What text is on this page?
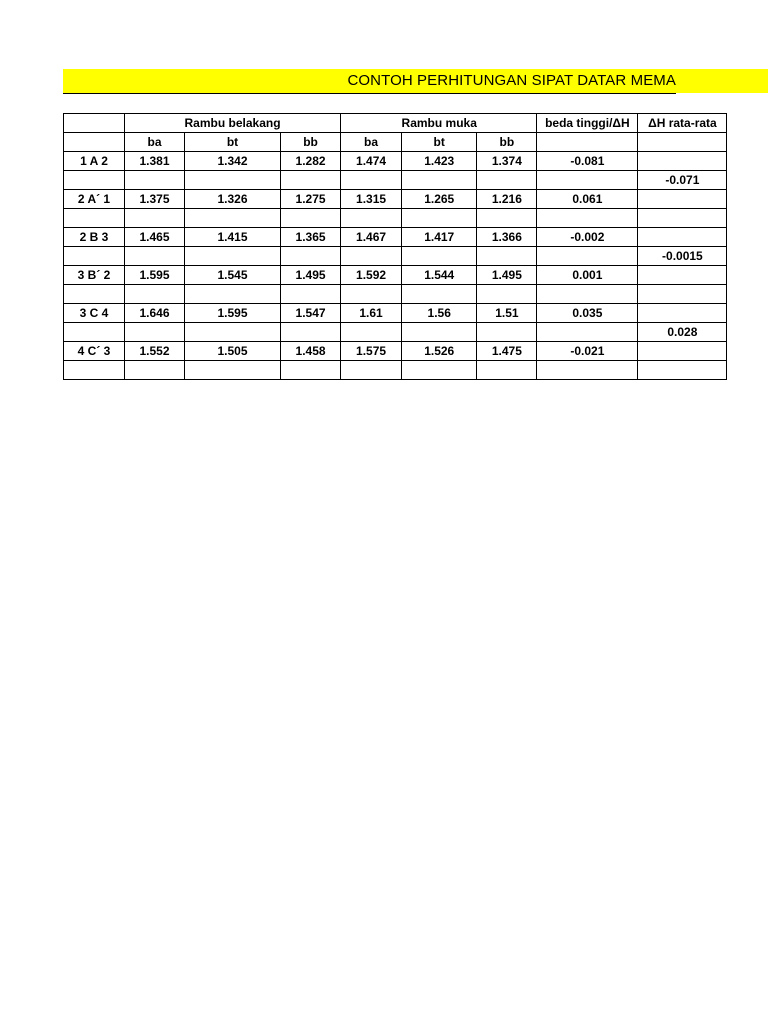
CONTOH PERHITUNGAN SIPAT DATAR MEMA
		Rambu belakang			Rambu muka		beda tinggi/ΔH	ΔH rata-rata
	ba	bt	bb	ba	bt	bb		
1 A 2	1.381	1.342	1.282	1.474	1.423	1.374	-0.081	
								-0.071
2 A´ 1	1.375	1.326	1.275	1.315	1.265	1.216	0.061	

2 B 3	1.465	1.415	1.365	1.467	1.417	1.366	-0.002	
								-0.0015
3 B´ 2	1.595	1.545	1.495	1.592	1.544	1.495	0.001	

3 C 4	1.646	1.595	1.547	1.61	1.56	1.51	0.035	
								0.028
4 C´ 3	1.552	1.505	1.458	1.575	1.526	1.475	-0.021	
